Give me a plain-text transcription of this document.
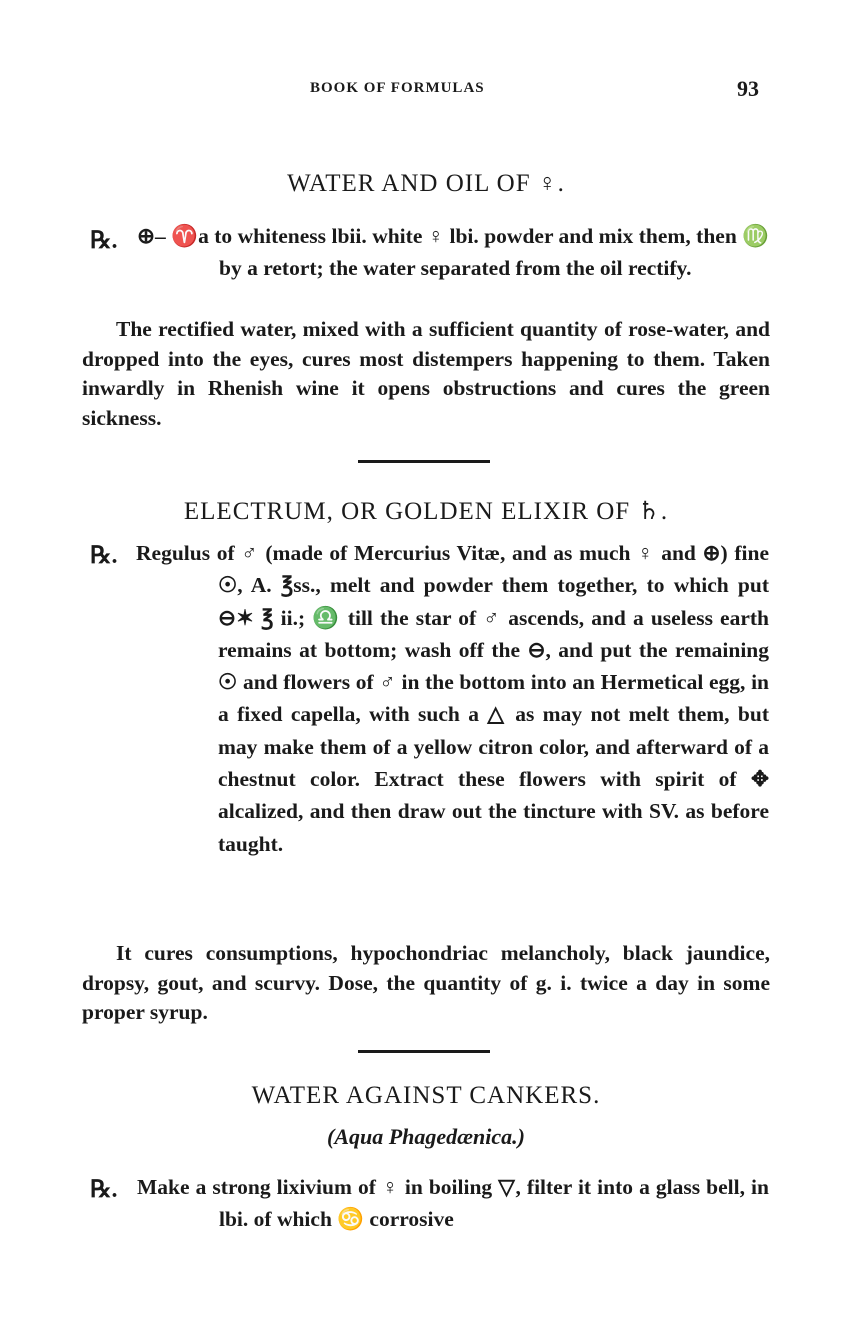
BOOK OF FORMULAS	93
WATER AND OIL OF ♀.
℞. ⊕– ♈a to whiteness lbii. white ♀ lbi. powder and mix them, then ♍ by a retort; the water separated from the oil rectify.
The rectified water, mixed with a sufficient quantity of rose-water, and dropped into the eyes, cures most distempers happening to them. Taken inwardly in Rhenish wine it opens obstructions and cures the green sickness.
ELECTRUM, OR GOLDEN ELIXIR OF ♄.
℞. Regulus of ♂ (made of Mercurius Vitæ, and as much ♀ and ⊕) fine ☉, A. ℥ss., melt and powder them together, to which put ⊖✶ ℥ ii.; ♎ till the star of ♂ ascends, and a useless earth remains at bottom; wash off the ⊖, and put the remaining ☉ and flowers of ♂ in the bottom into an Hermetical egg, in a fixed capella, with such a △ as may not melt them, but may make them of a yellow citron color, and afterward of a chestnut color. Extract these flowers with spirit of ✥ alcalized, and then draw out the tincture with SV. as before taught.
It cures consumptions, hypochondriac melancholy, black jaundice, dropsy, gout, and scurvy. Dose, the quantity of g. i. twice a day in some proper syrup.
WATER AGAINST CANKERS.
(Aqua Phagedænica.)
℞. Make a strong lixivium of ♀ in boiling ▽, filter it into a glass bell, in lbi. of which ♋ corrosive
